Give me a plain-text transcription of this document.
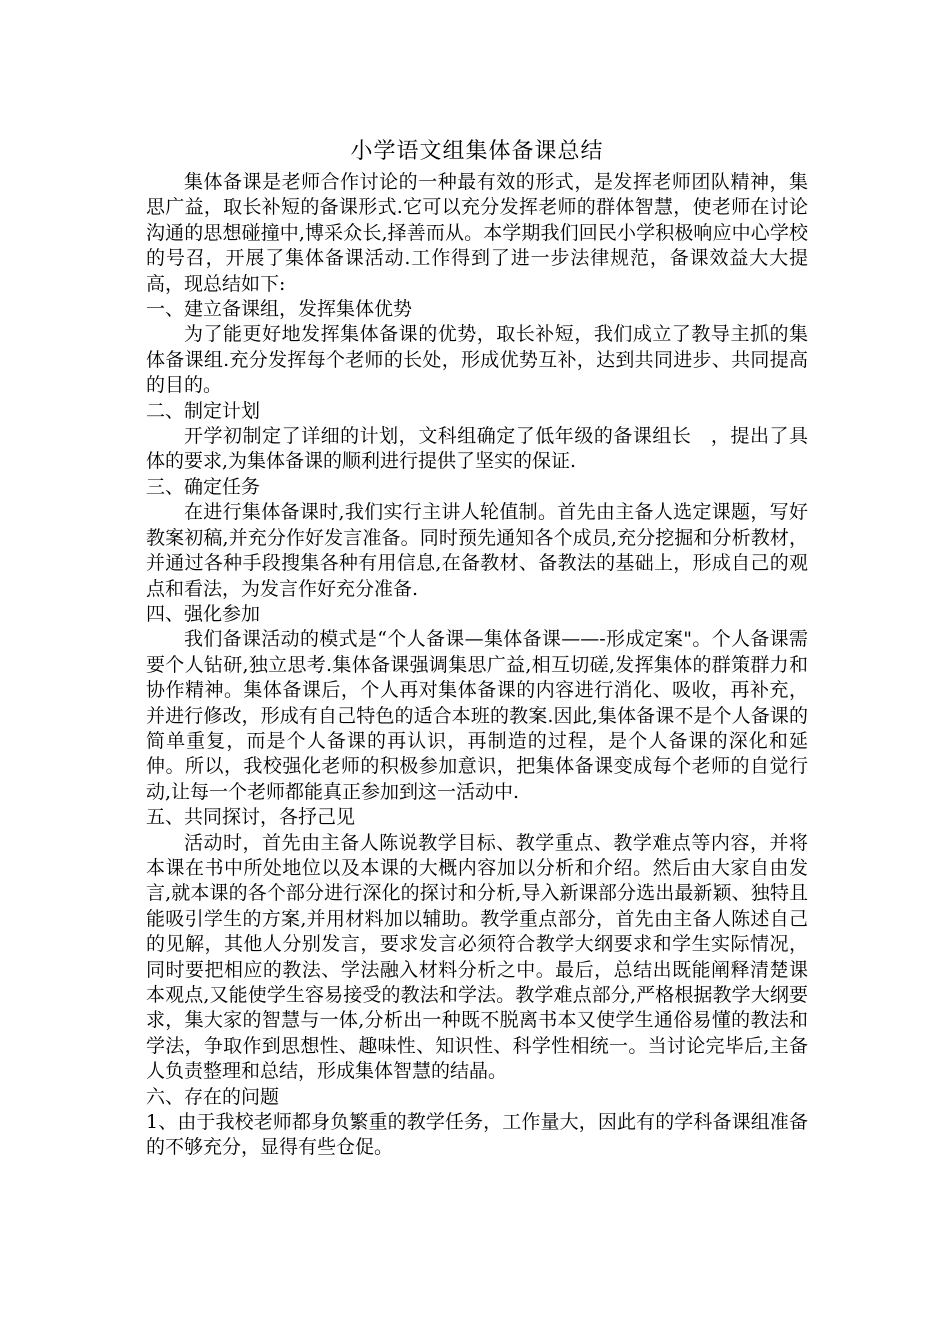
小学语文组集体备课总结

集体备课是老师合作讨论的一种最有效的形式，是发挥老师团队精神，集思广益，取长补短的备课形式.它可以充分发挥老师的群体智慧，使老师在讨论沟通的思想碰撞中,博采众长,择善而从。本学期我们回民小学积极响应中心学校的号召，开展了集体备课活动.工作得到了进一步法律规范，备课效益大大提高，现总结如下:

一、建立备课组，发挥集体优势

为了能更好地发挥集体备课的优势，取长补短，我们成立了教导主抓的集体备课组.充分发挥每个老师的长处，形成优势互补，达到共同进步、共同提高的目的。

二、制定计划

开学初制定了详细的计划，文科组确定了低年级的备课组长　，提出了具体的要求,为集体备课的顺利进行提供了坚实的保证.

三、确定任务

在进行集体备课时,我们实行主讲人轮值制。首先由主备人选定课题，写好教案初稿,并充分作好发言准备。同时预先通知各个成员,充分挖掘和分析教材，并通过各种手段搜集各种有用信息,在备教材、备教法的基础上，形成自己的观点和看法，为发言作好充分准备.

四、强化参加

我们备课活动的模式是“个人备课—集体备课——-形成定案"。个人备课需要个人钻研,独立思考.集体备课强调集思广益,相互切磋,发挥集体的群策群力和协作精神。集体备课后，个人再对集体备课的内容进行消化、吸收，再补充，并进行修改，形成有自己特色的适合本班的教案.因此,集体备课不是个人备课的简单重复，而是个人备课的再认识，再制造的过程，是个人备课的深化和延伸。所以，我校强化老师的积极参加意识，把集体备课变成每个老师的自觉行动,让每一个老师都能真正参加到这一活动中.

五、共同探讨，各抒己见

活动时，首先由主备人陈说教学目标、教学重点、教学难点等内容，并将本课在书中所处地位以及本课的大概内容加以分析和介绍。然后由大家自由发言,就本课的各个部分进行深化的探讨和分析,导入新课部分选出最新颖、独特且能吸引学生的方案,并用材料加以辅助。教学重点部分，首先由主备人陈述自己的见解，其他人分别发言，要求发言必须符合教学大纲要求和学生实际情况，同时要把相应的教法、学法融入材料分析之中。最后，总结出既能阐释清楚课本观点,又能使学生容易接受的教法和学法。教学难点部分,严格根据教学大纲要求，集大家的智慧与一体,分析出一种既不脱离书本又使学生通俗易懂的教法和学法，争取作到思想性、趣味性、知识性、科学性相统一。当讨论完毕后,主备人负责整理和总结，形成集体智慧的结晶。

六、存在的问题

1、由于我校老师都身负繁重的教学任务，工作量大，因此有的学科备课组准备的不够充分，显得有些仓促。
